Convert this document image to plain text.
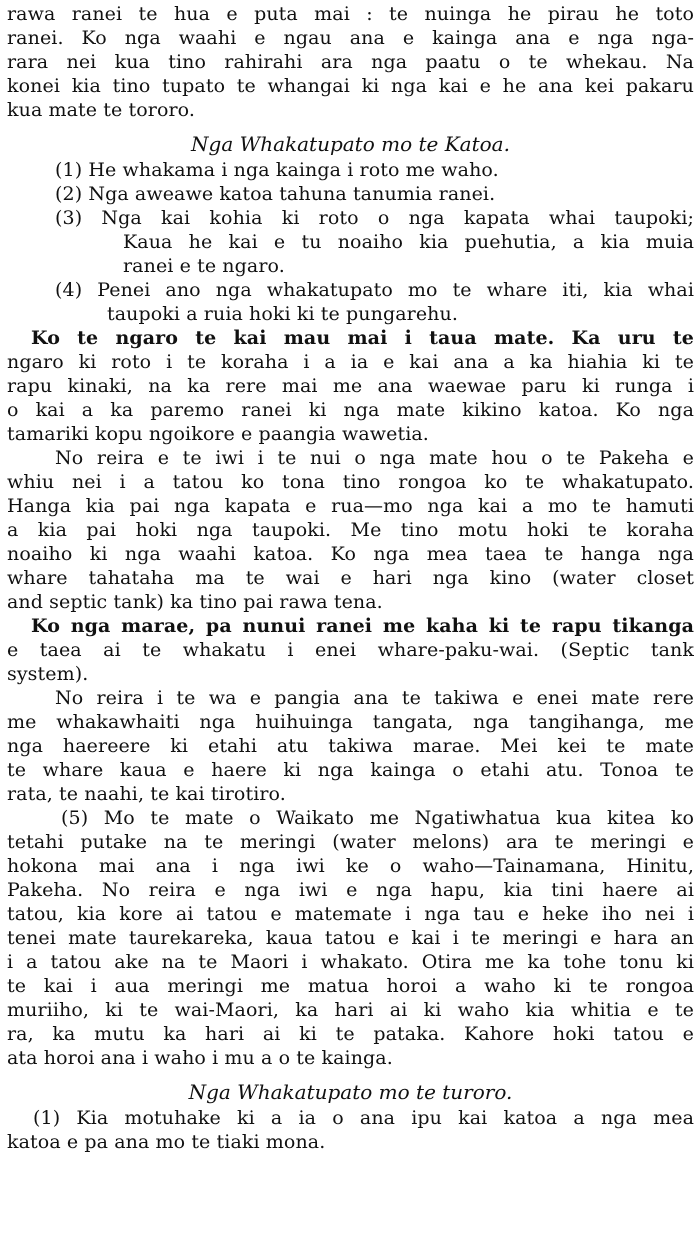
rawa ranei te hua e puta mai : te nuinga he pirau he toto
ranei. Ko nga waahi e ngau ana e kainga ana e nga nga-
rara nei kua tino rahirahi ara nga paatu o te whekau. Na
konei kia tino tupato te whangai ki nga kai e he ana kei pakaru
kua mate te tororo.
Nga Whakatupato mo te Katoa.
(1) He whakama i nga kainga i roto me waho.
(2) Nga aweawe katoa tahuna tanumia ranei.
(3) Nga kai kohia ki roto o nga kapata whai taupoki;
Kaua he kai e tu noaiho kia puehutia, a kia muia
ranei e te ngaro.
(4) Penei ano nga whakatupato mo te whare iti, kia whai
taupoki a ruia hoki ki te pungarehu.
Ko te ngaro te kai mau mai i taua mate. Ka uru te
ngaro ki roto i te koraha i a ia e kai ana a ka hiahia ki te
rapu kinaki, na ka rere mai me ana waewae paru ki runga i
o kai a ka paremo ranei ki nga mate kikino katoa. Ko nga
tamariki kopu ngoikore e paangia wawetia.
No reira e te iwi i te nui o nga mate hou o te Pakeha e
whiu nei i a tatou ko tona tino rongoa ko te whakatupato.
Hanga kia pai nga kapata e rua—mo nga kai a mo te hamuti
a kia pai hoki nga taupoki. Me tino motu hoki te koraha
noaiho ki nga waahi katoa. Ko nga mea taea te hanga nga
whare tahataha ma te wai e hari nga kino (water closet
and septic tank) ka tino pai rawa tena.
Ko nga marae, pa nunui ranei me kaha ki te rapu tikanga
e taea ai te whakatu i enei whare-paku-wai. (Septic tank
system).
No reira i te wa e pangia ana te takiwa e enei mate rere
me whakawhaiti nga huihuinga tangata, nga tangihanga, me
nga haereere ki etahi atu takiwa marae. Mei kei te mate
te whare kaua e haere ki nga kainga o etahi atu. Tonoa te
rata, te naahi, te kai tirotiro.
(5) Mo te mate o Waikato me Ngatiwhatua kua kitea ko
tetahi putake na te meringi (water melons) ara te meringi e
hokona mai ana i nga iwi ke o waho—Tainamana, Hinitu,
Pakeha. No reira e nga iwi e nga hapu, kia tini haere ai
tatou, kia kore ai tatou e matemate i nga tau e heke iho nei i
tenei mate taurekareka, kaua tatou e kai i te meringi e hara an
i a tatou ake na te Maori i whakato. Otira me ka tohe tonu ki
te kai i aua meringi me matua horoi a waho ki te rongoa
muriiho, ki te wai-Maori, ka hari ai ki waho kia whitia e te
ra, ka mutu ka hari ai ki te pataka. Kahore hoki tatou e
ata horoi ana i waho i mu a o te kainga.
Nga Whakatupato mo te turoro.
(1) Kia motuhake ki a ia o ana ipu kai katoa a nga mea
katoa e pa ana mo te tiaki mona.
